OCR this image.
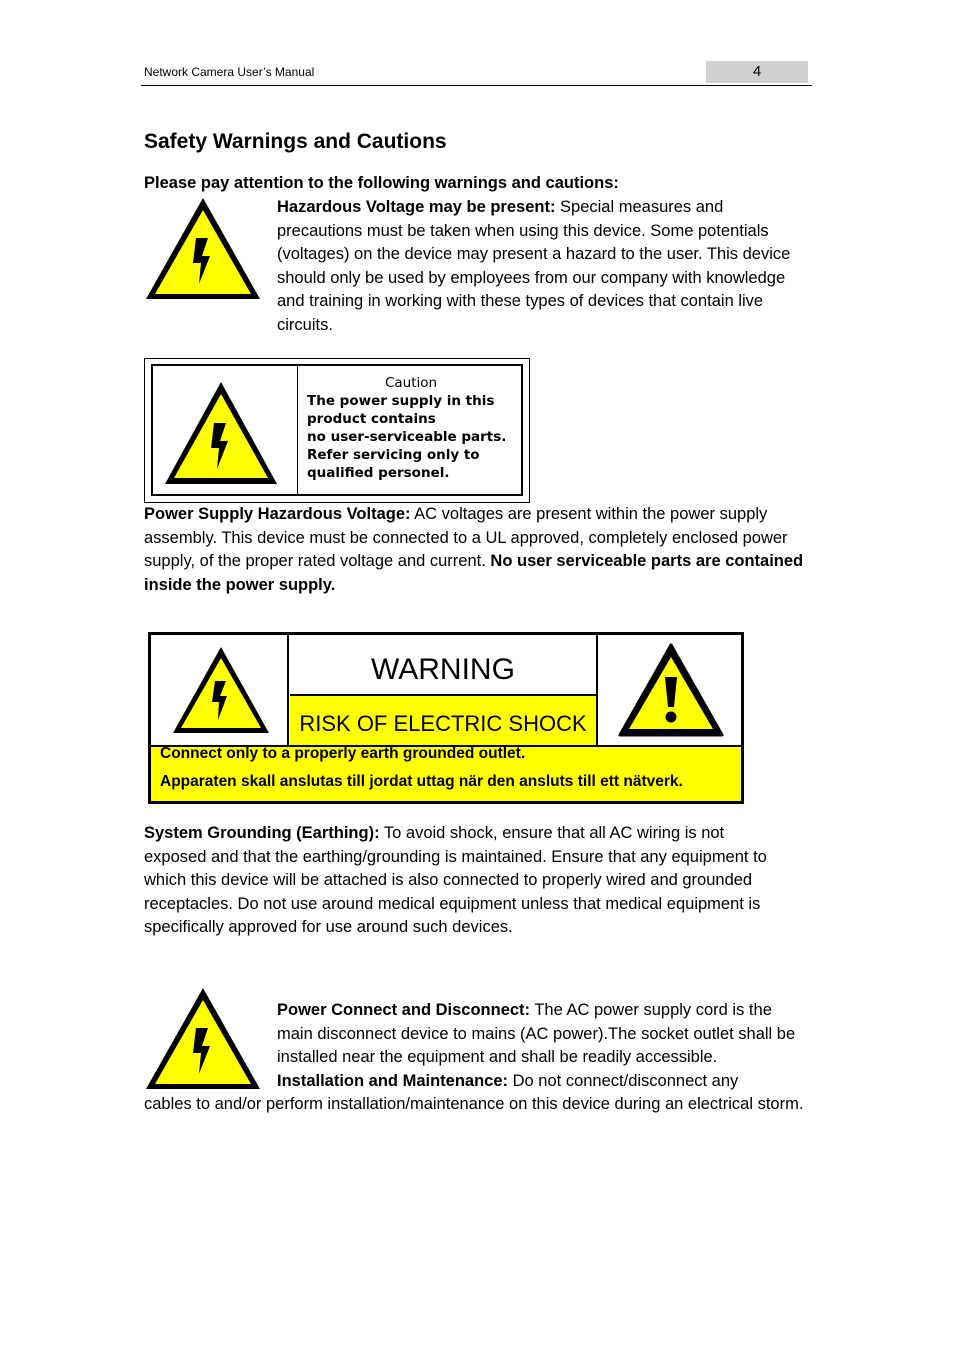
Network Camera User’s Manual	4
Safety Warnings and Cautions
Please pay attention to the following warnings and cautions:
Hazardous Voltage may be present: Special measures and precautions must be taken when using this device. Some potentials (voltages) on the device may present a hazard to the user. This device should only be used by employees from our company with knowledge and training in working with these types of devices that contain live circuits.
Caution
The power supply in this
product contains
no user-serviceable parts.
Refer servicing only to
qualified personel.
Power Supply Hazardous Voltage: AC voltages are present within the power supply assembly. This device must be connected to a UL approved, completely enclosed power supply, of the proper rated voltage and current. No user serviceable parts are contained inside the power supply.
WARNING
RISK OF ELECTRIC SHOCK
Connect only to a properly earth grounded outlet.
Apparaten skall anslutas till jordat uttag när den ansluts till ett nätverk.
System Grounding (Earthing): To avoid shock, ensure that all AC wiring is not exposed and that the earthing/grounding is maintained. Ensure that any equipment to which this device will be attached is also connected to properly wired and grounded receptacles. Do not use around medical equipment unless that medical equipment is specifically approved for use around such devices.
Power Connect and Disconnect: The AC power supply cord is the main disconnect device to mains (AC power).The socket outlet shall be installed near the equipment and shall be readily accessible.
Installation and Maintenance: Do not connect/disconnect any
cables to and/or perform installation/maintenance on this device during an electrical storm.
